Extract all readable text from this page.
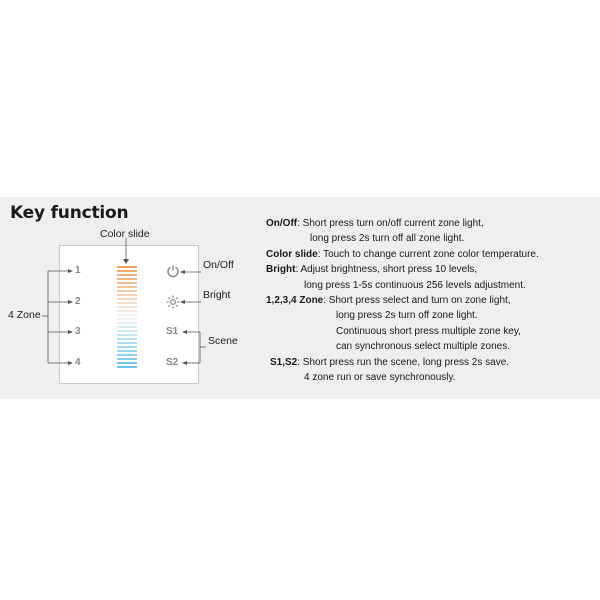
Key function
Color slide
4 Zone
On/Off
Bright
Scene
1
2
3
4
S1
S2
On/Off: Short press turn on/off current zone light,
long press 2s turn off all zone light.
Color slide: Touch to change current zone color temperature.
Bright: Adjust brightness, short press 10 levels,
long press 1-5s continuous 256 levels adjustment.
1,2,3,4 Zone: Short press select and turn on zone light,
long press 2s turn off zone light.
Continuous short press multiple zone key,
can synchronous select multiple zones.
S1,S2: Short press run the scene, long press 2s save.
4 zone run or save synchronously.
